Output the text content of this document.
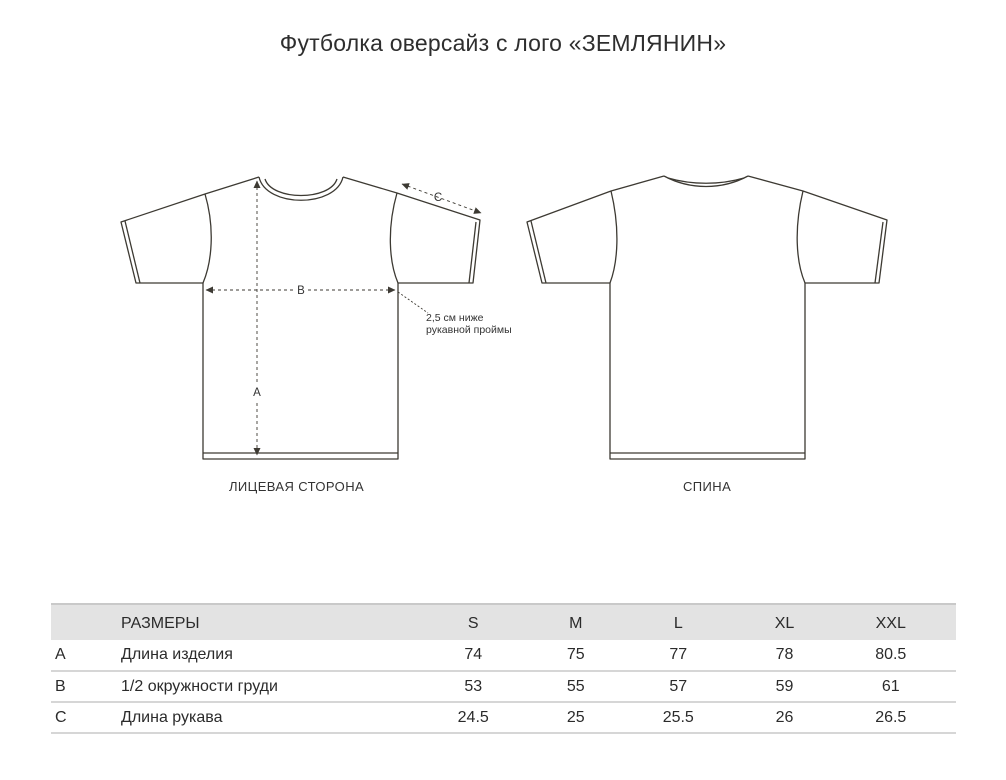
Футболка оверсайз с лого «ЗЕМЛЯНИН»
A
B
C
2,5 см ниже
рукавной проймы
ЛИЦЕВАЯ СТОРОНА	СПИНА
	РАЗМЕРЫ	S	M	L	XL	XXL
A	Длина изделия	74	75	77	78	80.5
B	1/2 окружности груди	53	55	57	59	61
C	Длина рукава	24.5	25	25.5	26	26.5
